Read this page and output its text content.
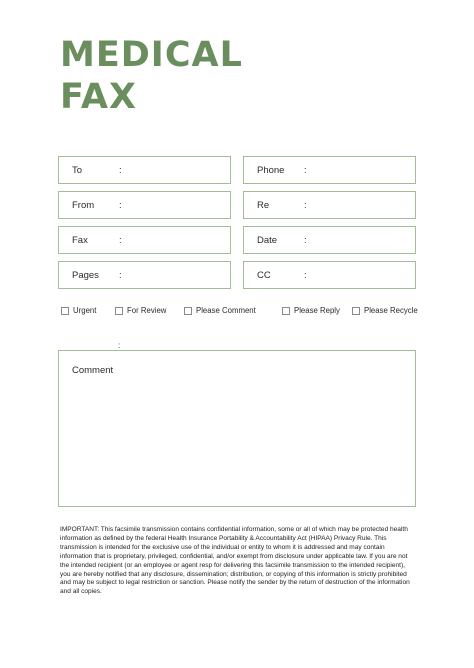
MEDICAL
FAX
To	:	Phone :
From	:	Re	:
Fax	:	Date	:
Pages :	CC	:
Urgent	For Review	Please Comment	Please Reply	Please Recycle
:
Comment

IMPORTANT: This facsimile transmission contains confidential information, some or all of which may be protected health information as defined by the federal Health Insurance Portability & Accountability Act (HIPAA) Privacy Rule. This transmission is intended for the exclusive use of the individual or entity to whom it is addressed and may contain information that is proprietary, privileged, confidential, and/or exempt from disclosure under applicable law. If you are not the intended recipient (or an employee or agent resp for delivering this facsimile transmission to the intended recipient), you are hereby notified that any disclosure, dissemination; distribution, or copying of this information is strictly prohibited and may be subject to legal restriction or sanction. Please notify the sender by the return of destruction of the information and all copies.
